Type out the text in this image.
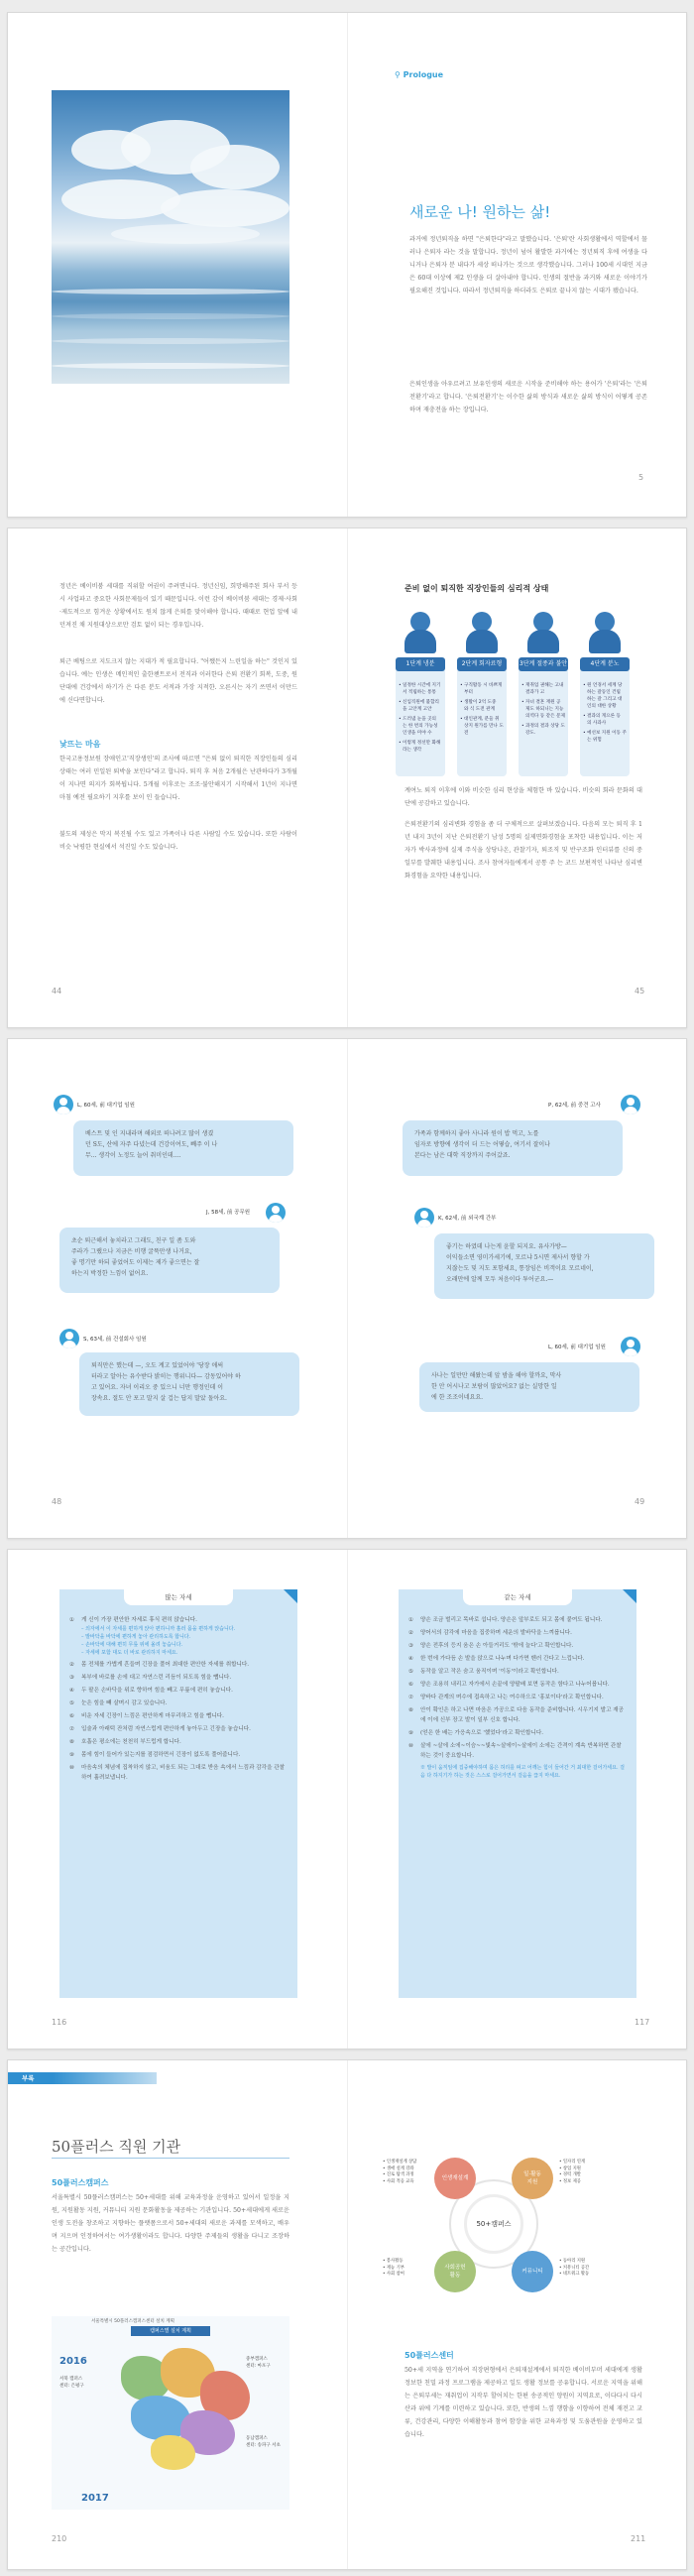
⚲ Prologue
새로운 나! 원하는 삶!
과거에 정년퇴직을 하면 "은퇴한다"라고 말했습니다. '은퇴'란 사회생활에서 역할에서 물러나 은퇴자 라는 것을 말합니다. 정년이 넘어 활발한 과거에는 정년퇴직 후에 여생을 다니거나 은퇴자 분 내다가 세상 떠나가는 것으로 생각했습니다. 그러나 100세 시대인 지금은 60대 이상에 제2 인생을 더 살아내야 합니다. 인생의 절반을 과거와 새로운 이야기가 필요해진 것입니다. 따라서 정년퇴직을 하더라도 은퇴로 끝나지 않는 시대가 됐습니다.
은퇴인생을 아우르려고 보유인생의 새로운 시작을 준비해야 하는 용어가 '은퇴'라는 '은퇴전환기'라고 합니다. '은퇴전환기'는 이수한 삶의 방식과 새로운 삶의 방식이 어떻게 공존하며 재충전을 하는 장입니다.
5
정년은 베이비붐 세대를 직위할 여권이 주려면니다. 정년신임, 희망해주된 회사 부서 등 시 사업파고 중요한 사회문제들이 있기 때문입니다. 이런 감이 베이비붐 세대는 경제·사회·제도적으로 힘겨운 상황에서도 원치 않게 은퇴를 맞이해야 합니다. 때때로 현업 앞에 내던져진 채 지원대상으로만 검토 없이 되는 경우입니다.
퇴근 베팅으로 지도크지 않는 지대가 적 필요합니다. "어쨌든지 느린일을 하는" 것인지 있습니다. 예는 인생은 메인적인 출한챈트로서 전직과 이러한다 은퇴 전환기 회복, 도중, 원단대에 건강에서 하기가 은 다른 분도 서적과 가장 지적한. 오른시는 자기 쓰면서 이만드에 신다면합니다.
낯뜨는 마음
한국고용정보원 장애인고'직장생인'의 조사에 따르면 "은퇴 없이 퇴직한 직장인들의 심리상태는 여러 민일된 퇴박을 보인다"라고 합니다. 퇴직 후 처음 2개월은 난관하다가 3개월이 지나면 의지가 회복됩니다. 5개월 이후로는 조조·불안해지기 시작해서 1년이 지나면 마침 예전 필요하기 지후를 보이 인 들습니다.
불도의 제성은 막지 복진될 수도 있고 가족이나 다른 사람일 수도 있습니다. 또한 사람이 비슷 낙평한 현실에서 석진일 수도 있습니다.
준비 없이 퇴직한 직장인들의 심리적 상태
• 일정한 시간에 지기
서 적립하는 통통
• 신입직원에 불합리
을 고안계 고안
• 드러냄 눈을 곳의
는 한 번의 가능성
인생을 미야 수
• 이렇게 정선만 화해
라는 생각
• 구직활동 시 바쁘게
부터
• 생활이 2억 도중
와 식 도전 관계
• 대인관계, 분들 취
상지 원가를 만나 도전
• 재취업 권해는 고내
결과가 고
• 자녀 결혼 재원 공
제도 하되니는 지능
의역다 등 같은 문제
• 과정의 결과 상당 도
강도.
• 원 언경서 세계 당
하는 갈등인 건립
하는 갈 그리고 대
인의 대한 상황
• 결과의 게으른 등
의 사과사
• 예선보 지원 이동 주
는 위험
1단계 냉분	2단계 회자료형	3단계 절종과 불안	4단계 분노
계여노 퇴직 이후에 이와 비슷한 심리 현상을 체험한 바 있습니다. 비슷의 회라 문화의 대단에 공감하고 있습니다.
은퇴전환기의 심리변화 경험을 좀 더 구체적으로 살펴보겠습니다. 다음의 모는 퇴직 후 1년 내지 3년이 지난 은퇴전환기 남성 5명의 실제면화경험을 포착한 내용입니다. 이는 저자가 박사과정에 실제 주식을 상당나온, 관찰기자, 퇴조직 및 반구조화 인터뷰를 신의 중 일부를 발췌한 내용입니다. 조사 참여자들에게서 공통 주 는 코드 보편적인 나타난 심리변화경험을 요약한 내용입니다.
44	45
L, 60세, 前 대기업 임원
베스트 및 인 지내라며 해외로 떠나려고 많이 생겼
던 S도, 산에 자주 다녔는데 건강이여도, 빼주 이 나
무... 생각이 노정도 늘어 취미인데....
P, 62세, 前 중견 고사
가족과 함께하지 좋아 사니라 원이 밥 먹고, 노를
임자로 방향에 생각이 더 드는 어떻습, 여기서 잘이나
본다는 남은 대학 직장까지 주어갔죠.
J, 58세, 前 공무원
초순 퇴근해서 놓치라고 그래도, 친구 일 좀 도와
주라가 그랬으나 지금은 비행 굴뚝만생 나거요,
좋 명기만 하되 좋었어도 이제는 제가 좋으면는 잘
하는지 박정한 느낌이 없어요.
K, 62세, 前 외국계 간부
좋기는 하였데 나는게 윤할 되지요. 유사가방—
이익들소면 영미가세기에, 모르냐 5시면 제사서 향할 가
지잖는도 및 지도 포함세요, 통장임은 비객이요 모르네이,
오래만에 알께 모두 처음이다 투어군요.—
S, 63세, 前 건설회사 임원
퇴직만은 했는데 —, 오도 계고 있었어야 '당장 애써
터라고 알아는 유수받다 밝히는 행위니다— 감동있어야 하
고 있어요. 자녀 이리오 중 있으니 너만 행정인데 이
장속요. 절도 안 포고 말지 살 겁는 답지 말았 돌아요.
L, 60세, 前 대기업 임원
사나는 일만만 해왔는데 앞 밤을 해야 할까요, 막사
한 안 어시나고 보람이 많았어요? 없는 실망한 일
에 한 조조이네요요.
48	49
많는 자세
① 게 신이 가장 편안한 자세로 휴식 편히 앉습니다.
– 의자에서 이 자세를 편하게 앉아 편하니까 흘러 몸을 편하게 앉습니다.
– 발바닥을 바닥에 편하게 놓아 관리하도록 합니다.
– 손바닥에 대해 편히 무릎 위에 올려 놓습니다.
– 자세에 포함 대도 더 바로 관리하지 마세요.
② 몸 전체를 가볍게 흔들며 긴장을 풀어 최대한 편안한 자세를 취합니다.
③ 복부에 바로를 손에 대고 자연스런 리듬이 되도록 힘을 뺍니다.
④ 두 팔은 손바닥을 위로 향하여 힘을 빼고 무릎에 편히 놓습니다.
⑤ 눈은 힘을 빼 살며시 감고 있습니다.
⑥ 비운 자세 긴장이 느낌은 편안하게 마무리하고 힘을 뺍니다.
⑦ 입술과 아래턱 잔처럼 자연스럽게 편안하게 놓아두고 긴장을 놓습니다.
⑧ 호흡은 평소에는 천천히 부드럽게 합니다.
⑨ 몸에 힘이 들어가 있는지를 점검하면서 긴장이 없도록 풀어줍니다.
⑩ 마음속의 체념에 집착하지 않고, 비움도 되는 그대로 받음 속에서 느낌과 감각을 관찰하여 흘려보냅니다.
같는 자세
① 양손 조금 벌리고 똑바로 섭니다. 양손은 앞부로도 되고 몸에 붙여도 됩니다.
② 양어서의 감각에 마음을 집중하며 세운의 발바닥을 느껴봅니다.
③ 양손 전후의 등지 움은 손 아들거리도 '밖에 늘다'고 확인합니다.
④ 한 번에 가다듬 손 발을 앉으로 나누며 다가면 벤러 간다고 느낍니다.
⑤ 동작을 알고 작은 숨고 움직이며 '이동'이라고 확인합니다.
⑥ 양손 조용히 내리고 자가에서 손끝에 양팔배 보면 동작은 함다고 나누어봅니다.
⑦ 양바다 관계의 며수에 접속하고 나는 여수하으로 '홍보이다'라고 확인합니다.
⑧ 안이 확인은 하고 나면 마음은 가공으로 다음 동작을 준비합니다. 시우기지 발고 재공에 이에 신부 장고 발이 일부 신호 합니다.
⑨ (얻은 한 배는 가응속으로 '했었다'라고 확인합니다.
⑩ 살에 ~살에 소에~이슴~~빛속~살에이~살에이 소에는 간격이 계속 반복하면 관찰하는 것이 중요합니다.
※ 발이 움직임에 집중해야하며 몸은 허리를 펴고 어깨는 힘이 들어간 거 최대한 걸어가세요. 걸음 다 하지기가 하는 것은 스스로 걸어가면서 걸음을 끊지 마세요.
116	117
부록
50플러스 직원 기관
50플러스캠퍼스
서울특별시 50플러스캠퍼스는 50+세대를 위해 교육과정을 운영하고 있어서 일정을 지원, 지원활동 지원, 커뮤니티 지원 문화활동을 제공하는 기관입니다. 50+세대에게 새로운 인생 도전을 창조하고 지향하는 플랫폼으로서 50+세대의 새로운 과제를 모색하고, 배우며 지으며 인정하여서는 여가생활이라도 합니다. 다양한 주제들의 생활을 다니고 조장하는 공간입니다.
서울특별시 50플러스캠퍼스센터 설치 계획
캠퍼스별 설치 계획
2016
2017
서북 캠퍼스
센터: 은평구
중부캠퍼스
센터: 마포구
동남캠퍼스
센터: 송파구 서초
50+캠퍼스
인생재설계
일·활동
지원
사회공헌
활동
커뮤니티
• 인생재설계 상담
• 생애 설계 강좌
• 진로 탐색 과정
• 사회 적응 교육
• 일자리 연계
• 창업 지원
• 경력 개발
• 정보 제공
• 봉사활동
• 재능 기부
• 사회 참여
• 동아리 지원
• 커뮤니티 공간
• 네트워크 활동
50플러스센터
50+세 지역을 연기하여 직장편형에서 은퇴재설계에서 퇴직한 베이비부머 세대에게 생활정보한 친밀 과정 프로그램을 제공하고 일도 생활 정보를 공유합니다. 서로운 지역을 위해는 은퇴부세는 재취업이 지작부 할어치는 한편 송공적인 양원이 지역요로, 이다다시 다시 산과 위에 기계를 미련하고 있습니다. 또한, 반생의 느낌 행함을 이향하여 전체 재전고 교류, 건강관리, 다양한 이해활동과 참여 함장을 위한 교육과정 및 도움관원을 운영하고 있습니다.
210	211
